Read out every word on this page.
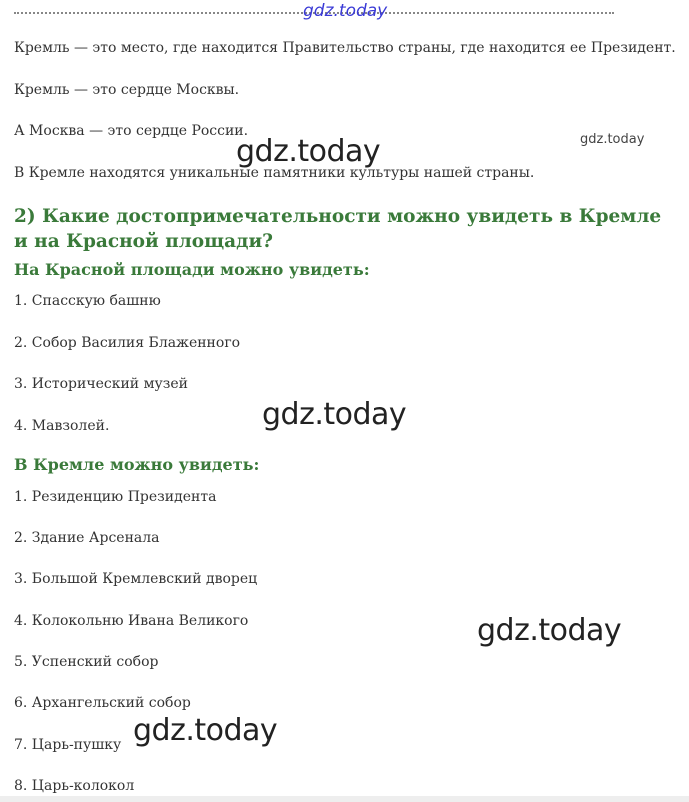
gdz.today
Кремль — это место, где находится Правительство страны, где находится ее Президент.
Кремль — это сердце Москвы.
А Москва — это сердце России.
В Кремле находятся уникальные памятники культуры нашей страны.
2) Какие достопримечательности можно увидеть в Кремле и на Красной площади?
На Красной площади можно увидеть:
1. Спасскую башню
2. Собор Василия Блаженного
3. Исторический музей
4. Мавзолей.
В Кремле можно увидеть:
1. Резиденцию Президента
2. Здание Арсенала
3. Большой Кремлевский дворец
4. Колокольню Ивана Великого
5. Успенский собор
6. Архангельский собор
7. Царь-пушку
8. Царь-колокол
gdz.today
gdz.today
gdz.today
gdz.today
gdz.today
